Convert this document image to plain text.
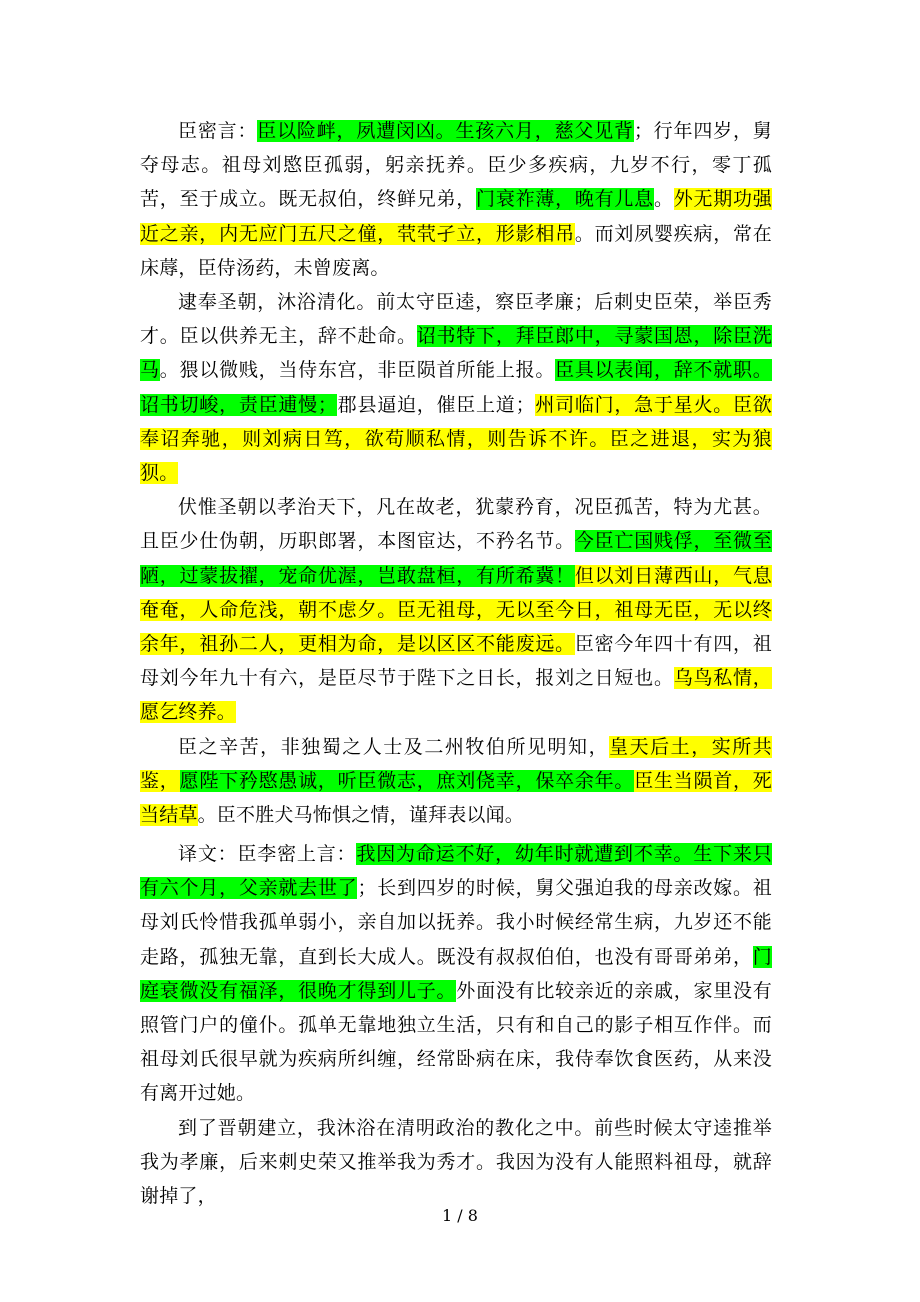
臣密言：臣以险衅，夙遭闵凶。生孩六月，慈父见背；行年四岁，舅夺母志。祖母刘愍臣孤弱，躬亲抚养。臣少多疾病，九岁不行，零丁孤苦，至于成立。既无叔伯，终鲜兄弟，门衰祚薄，晚有儿息。外无期功强近之亲，内无应门五尺之僮，茕茕孑立，形影相吊。而刘夙婴疾病，常在床蓐，臣侍汤药，未曾废离。

逮奉圣朝，沐浴清化。前太守臣逵，察臣孝廉；后刺史臣荣，举臣秀才。臣以供养无主，辞不赴命。诏书特下，拜臣郎中，寻蒙国恩，除臣洗马。猥以微贱，当侍东宫，非臣陨首所能上报。臣具以表闻，辞不就职。诏书切峻，责臣逋慢；郡县逼迫，催臣上道；州司临门，急于星火。臣欲奉诏奔驰，则刘病日笃，欲苟顺私情，则告诉不许。臣之进退，实为狼狈。

伏惟圣朝以孝治天下，凡在故老，犹蒙矜育，况臣孤苦，特为尤甚。且臣少仕伪朝，历职郎署，本图宦达，不矜名节。今臣亡国贱俘，至微至陋，过蒙拔擢，宠命优渥，岂敢盘桓，有所希冀！但以刘日薄西山，气息奄奄，人命危浅，朝不虑夕。臣无祖母，无以至今日，祖母无臣，无以终余年，祖孙二人，更相为命，是以区区不能废远。臣密今年四十有四，祖母刘今年九十有六，是臣尽节于陛下之日长，报刘之日短也。乌鸟私情，愿乞终养。

臣之辛苦，非独蜀之人士及二州牧伯所见明知，皇天后土，实所共鉴，愿陛下矜愍愚诚，听臣微志，庶刘侥幸，保卒余年。臣生当陨首，死当结草。臣不胜犬马怖惧之情，谨拜表以闻。

译文：臣李密上言：我因为命运不好，幼年时就遭到不幸。生下来只有六个月，父亲就去世了；长到四岁的时候，舅父强迫我的母亲改嫁。祖母刘氏怜惜我孤单弱小，亲自加以抚养。我小时候经常生病，九岁还不能走路，孤独无靠，直到长大成人。既没有叔叔伯伯，也没有哥哥弟弟，门庭衰微没有福泽，很晚才得到儿子。外面没有比较亲近的亲戚，家里没有照管门户的僮仆。孤单无靠地独立生活，只有和自己的影子相互作伴。而祖母刘氏很早就为疾病所纠缠，经常卧病在床，我侍奉饮食医药，从来没有离开过她。

到了晋朝建立，我沐浴在清明政治的教化之中。前些时候太守逵推举我为孝廉，后来刺史荣又推举我为秀才。我因为没有人能照料祖母，就辞谢掉了，

1 / 8
